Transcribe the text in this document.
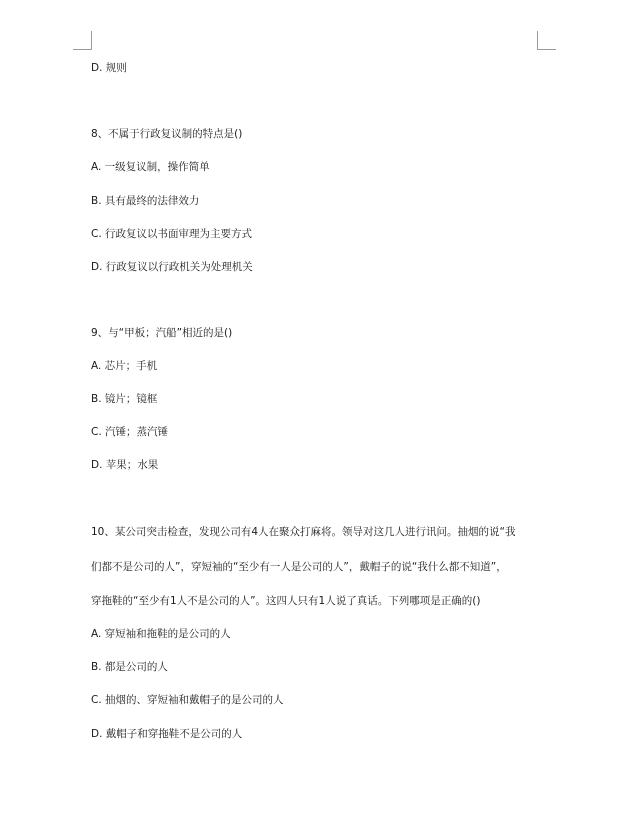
D. 规则
8、不属于行政复议制的特点是()
A. 一级复议制，操作简单
B. 具有最终的法律效力
C. 行政复议以书面审理为主要方式
D. 行政复议以行政机关为处理机关
9、与“甲板；汽船”相近的是()
A. 芯片；手机
B. 镜片；镜框
C. 汽锤；蒸汽锤
D. 苹果；水果
10、某公司突击检查，发现公司有4人在聚众打麻将。领导对这几人进行讯问。抽烟的说“我
们都不是公司的人”，穿短袖的“至少有一人是公司的人”，戴帽子的说“我什么都不知道”，
穿拖鞋的“至少有1人不是公司的人”。这四人只有1人说了真话。下列哪项是正确的()
A. 穿短袖和拖鞋的是公司的人
B. 都是公司的人
C. 抽烟的、穿短袖和戴帽子的是公司的人
D. 戴帽子和穿拖鞋不是公司的人
